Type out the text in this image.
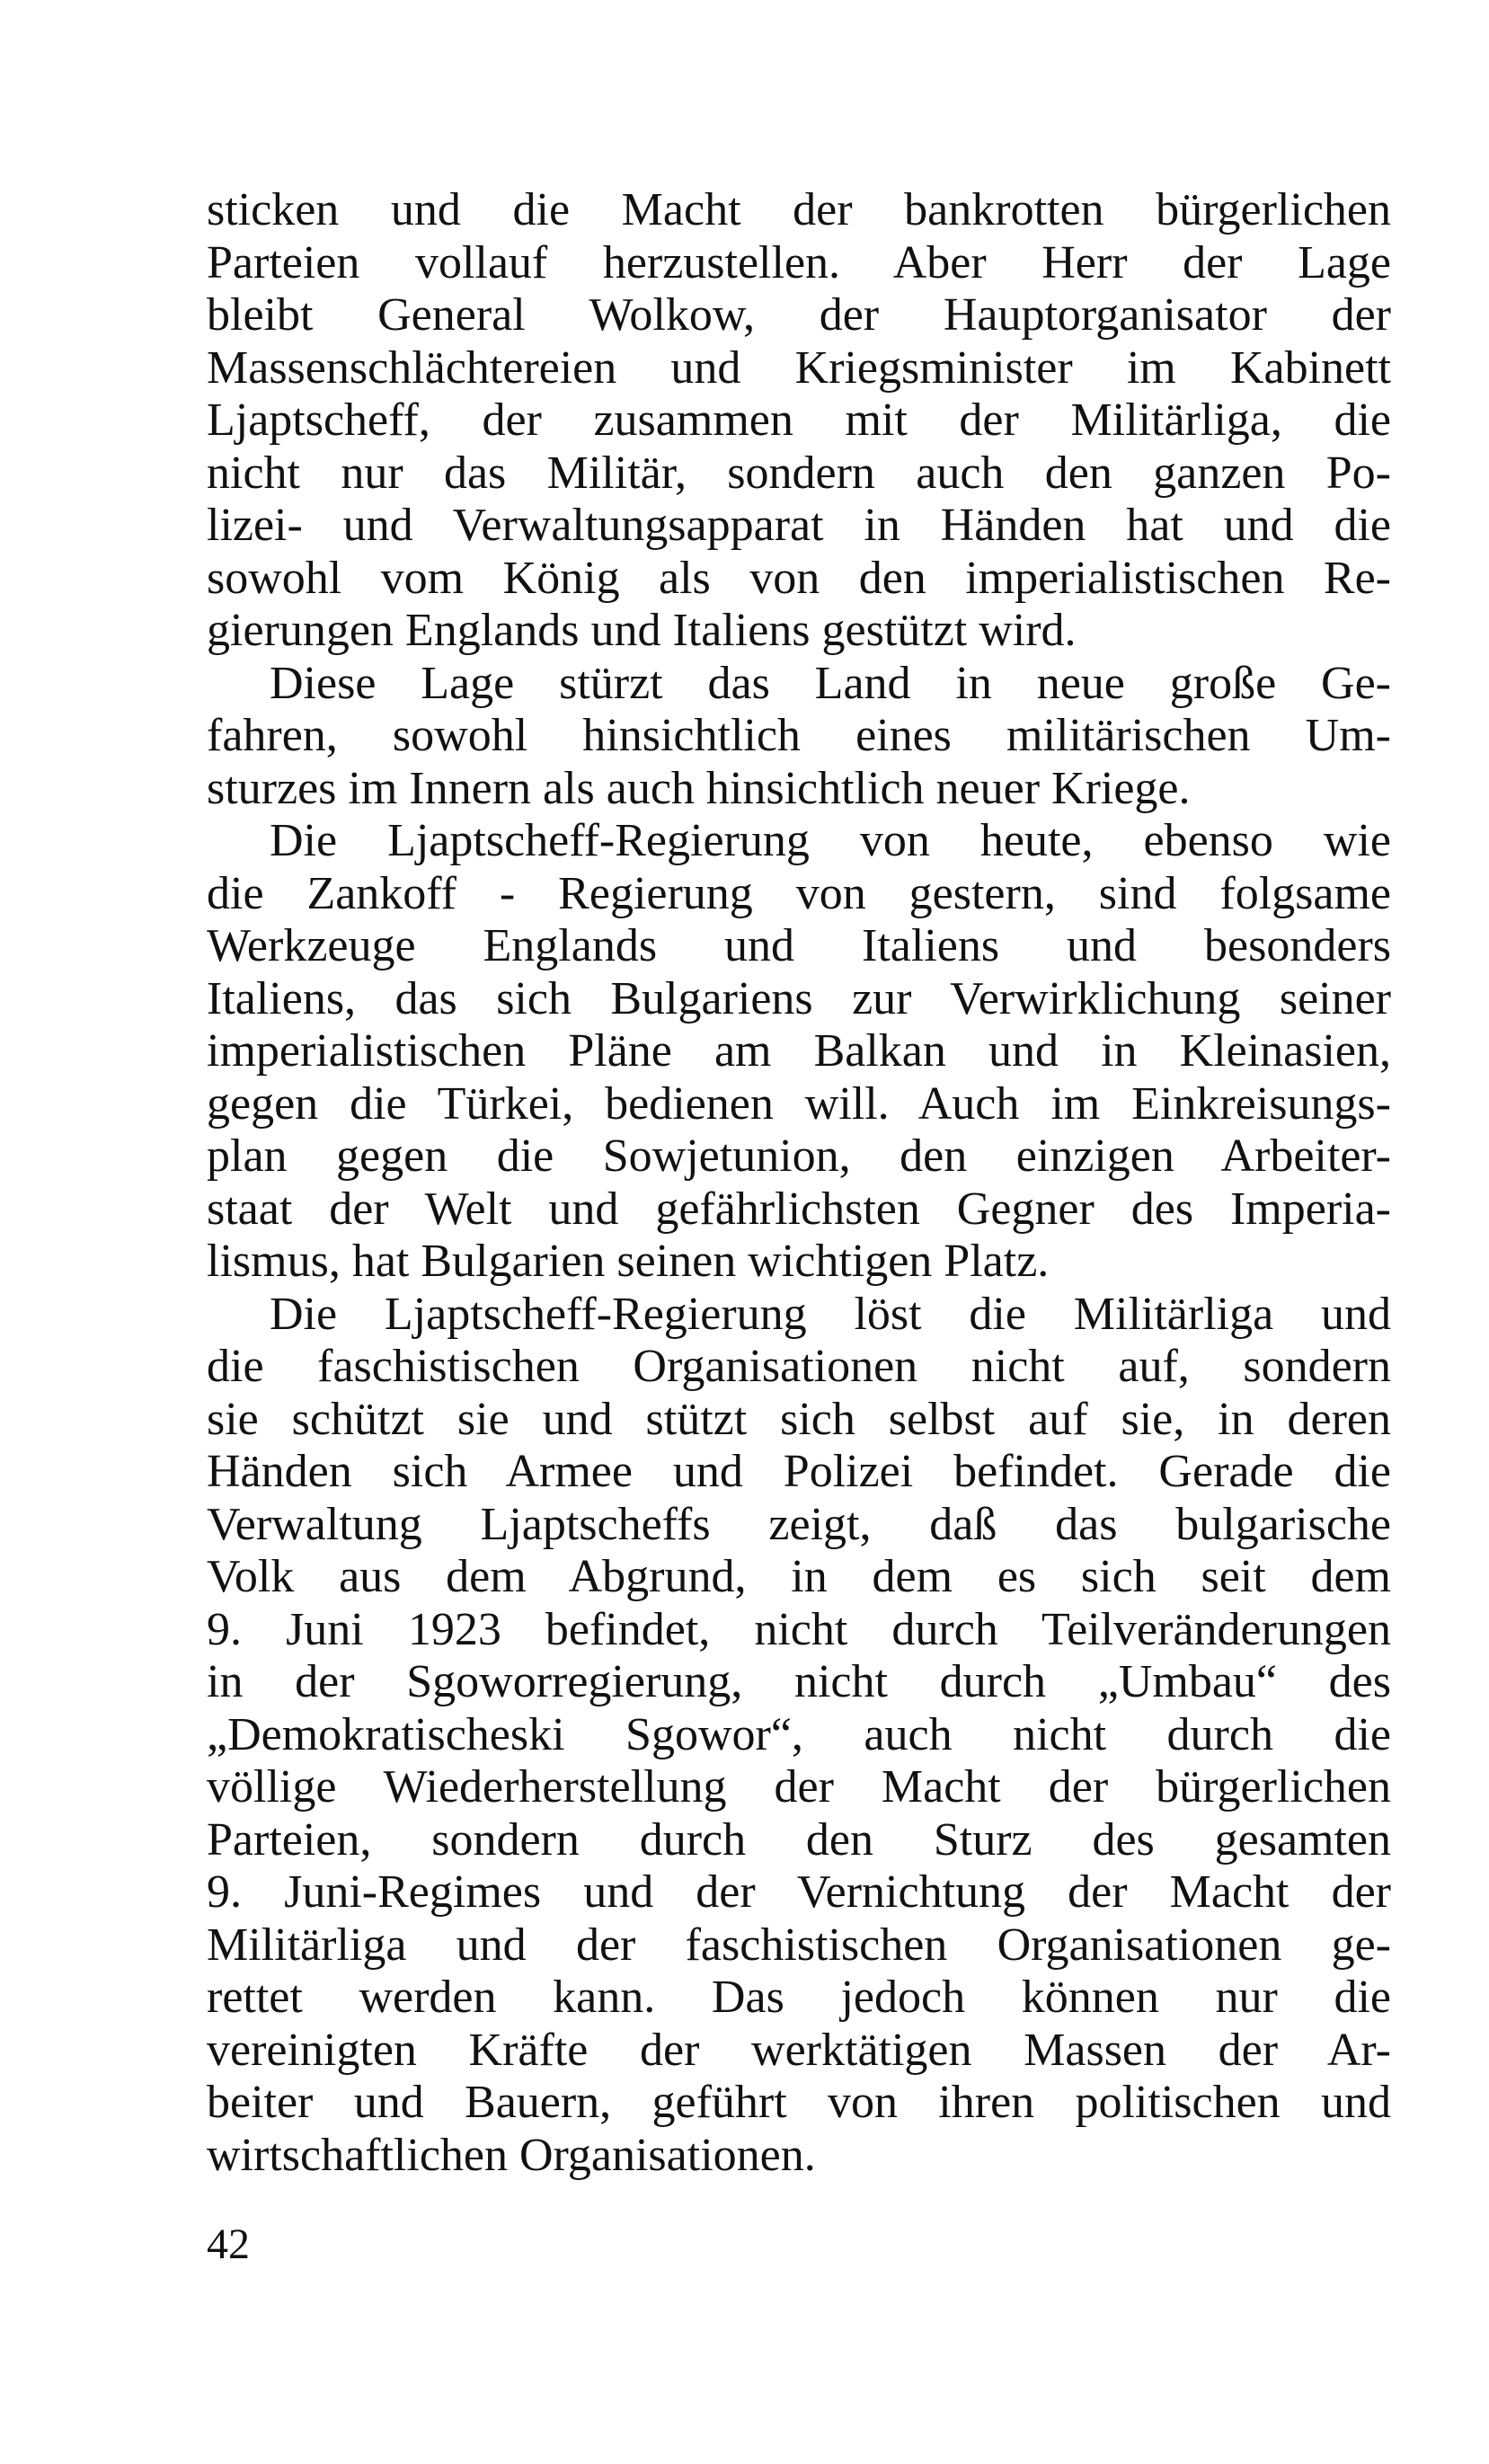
sticken und die Macht der bankrotten bürgerlichen
Parteien vollauf herzustellen. Aber Herr der Lage
bleibt General Wolkow, der Hauptorganisator der
Massenschlächtereien und Kriegsminister im Kabinett
Ljaptscheff, der zusammen mit der Militärliga, die
nicht nur das Militär, sondern auch den ganzen Po-
lizei- und Verwaltungsapparat in Händen hat und die
sowohl vom König als von den imperialistischen Re-
gierungen Englands und Italiens gestützt wird.
Diese Lage stürzt das Land in neue große Ge-
fahren, sowohl hinsichtlich eines militärischen Um-
sturzes im Innern als auch hinsichtlich neuer Kriege.
Die Ljaptscheff-Regierung von heute, ebenso wie
die Zankoff - Regierung von gestern, sind folgsame
Werkzeuge Englands und Italiens und besonders
Italiens, das sich Bulgariens zur Verwirklichung seiner
imperialistischen Pläne am Balkan und in Kleinasien,
gegen die Türkei, bedienen will. Auch im Einkreisungs-
plan gegen die Sowjetunion, den einzigen Arbeiter-
staat der Welt und gefährlichsten Gegner des Imperia-
lismus, hat Bulgarien seinen wichtigen Platz.
Die Ljaptscheff-Regierung löst die Militärliga und
die faschistischen Organisationen nicht auf, sondern
sie schützt sie und stützt sich selbst auf sie, in deren
Händen sich Armee und Polizei befindet. Gerade die
Verwaltung Ljaptscheffs zeigt, daß das bulgarische
Volk aus dem Abgrund, in dem es sich seit dem
9. Juni 1923 befindet, nicht durch Teilveränderungen
in der Sgoworregierung, nicht durch „Umbau“ des
„Demokratischeski Sgowor“, auch nicht durch die
völlige Wiederherstellung der Macht der bürgerlichen
Parteien, sondern durch den Sturz des gesamten
9. Juni-Regimes und der Vernichtung der Macht der
Militärliga und der faschistischen Organisationen ge-
rettet werden kann. Das jedoch können nur die
vereinigten Kräfte der werktätigen Massen der Ar-
beiter und Bauern, geführt von ihren politischen und
wirtschaftlichen Organisationen.
42
